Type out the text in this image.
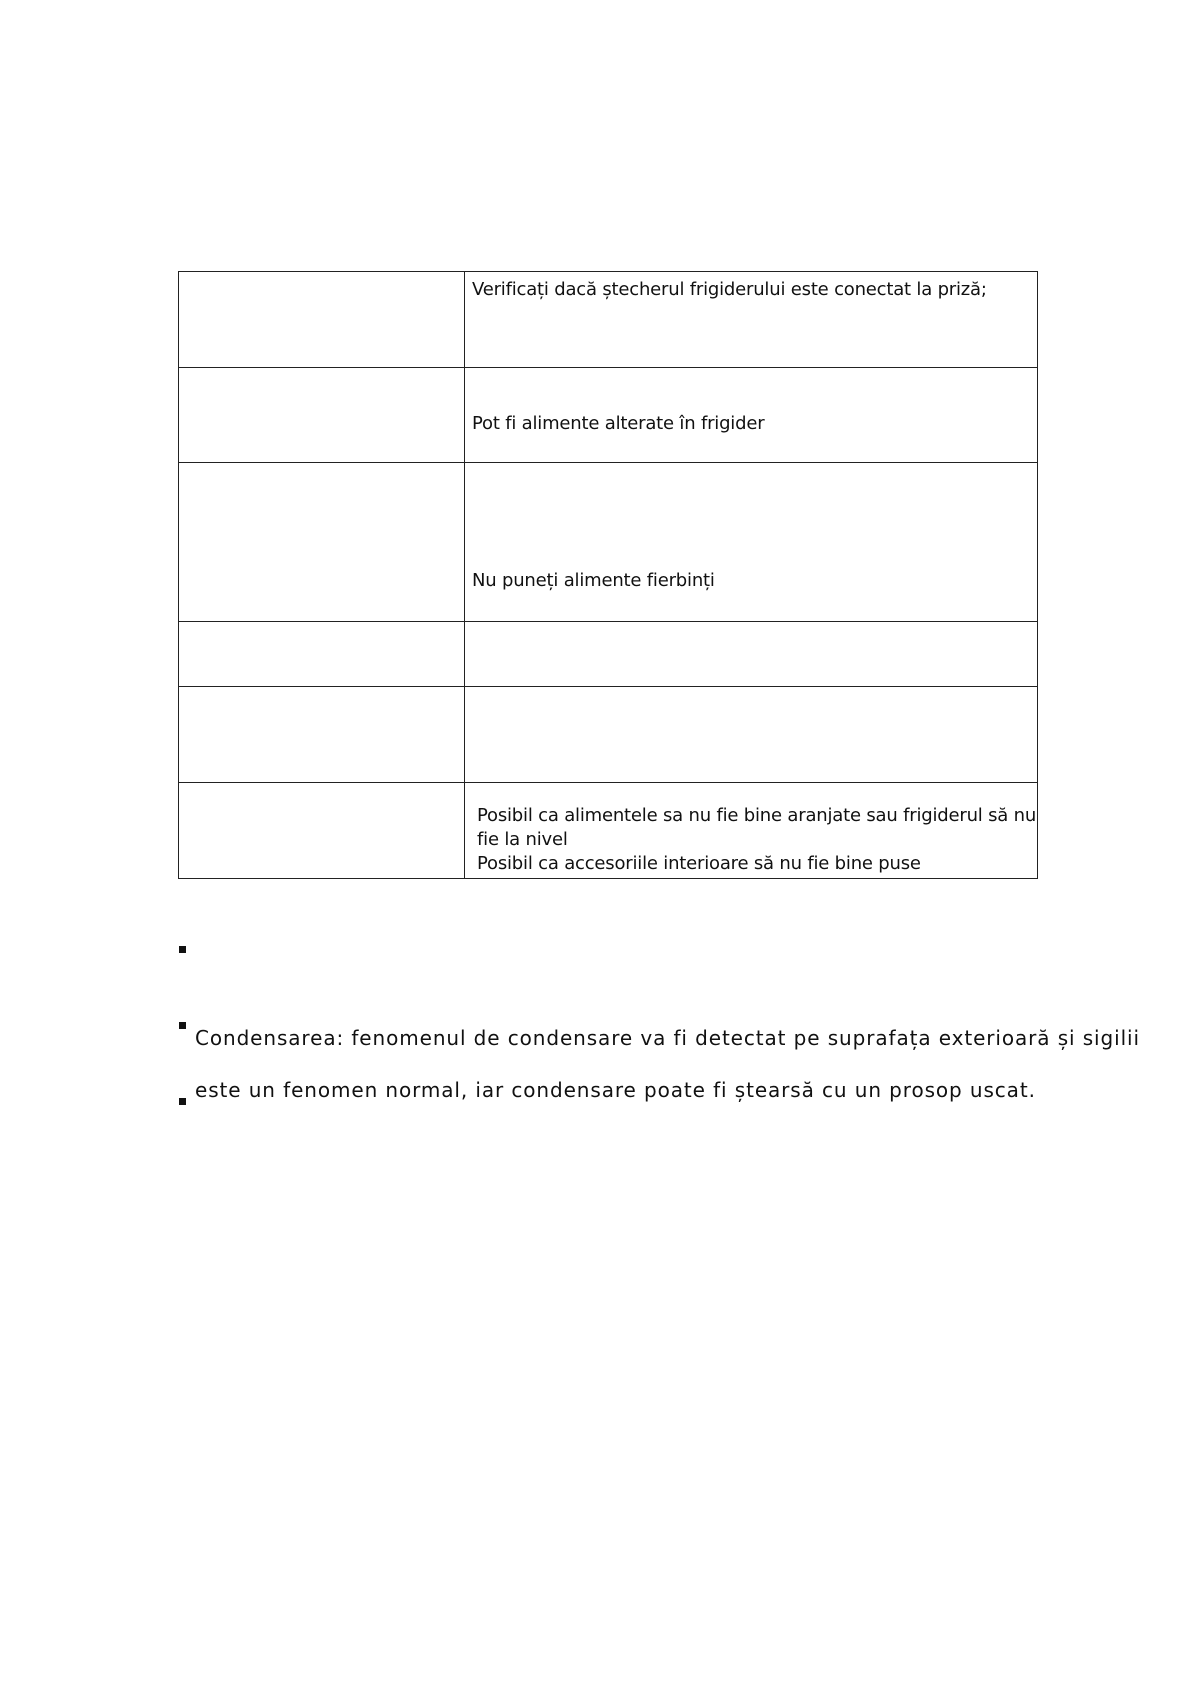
	Verificați dacă ștecherul frigiderului este conectat la priză;

	Pot fi alimente alterate în frigider

	Nu puneți alimente fierbinți

	Posibil ca alimentele sa nu fie bine aranjate sau frigiderul să nu
fie la nivel
Posibil ca accesoriile interioare să nu fie bine puse
Condensarea: fenomenul de condensare va fi detectat pe suprafața exterioară și sigilii
este un fenomen normal, iar condensare poate fi ștearsă cu un prosop uscat.
